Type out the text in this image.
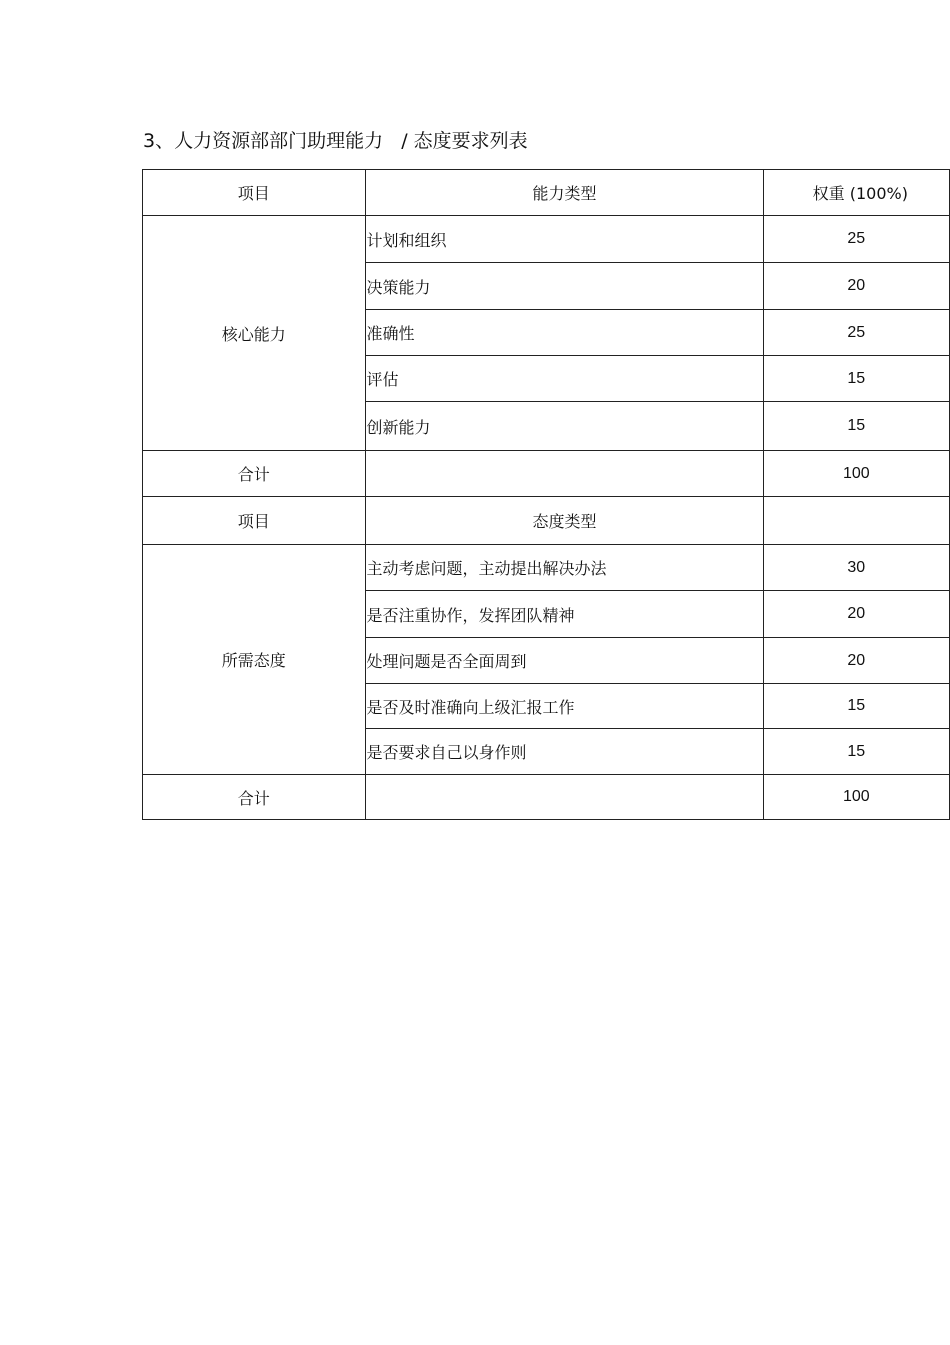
3、人力资源部部门助理能力   / 态度要求列表
项目	能力类型	权重 (100%)
核心能力	计划和组织	25
	决策能力	20
	准确性	25
	评估	15
	创新能力	15
合计		100
项目	态度类型	
所需态度	主动考虑问题，主动提出解决办法	30
	是否注重协作，发挥团队精神	20
	处理问题是否全面周到	20
	是否及时准确向上级汇报工作	15
	是否要求自己以身作则	15
合计		100
